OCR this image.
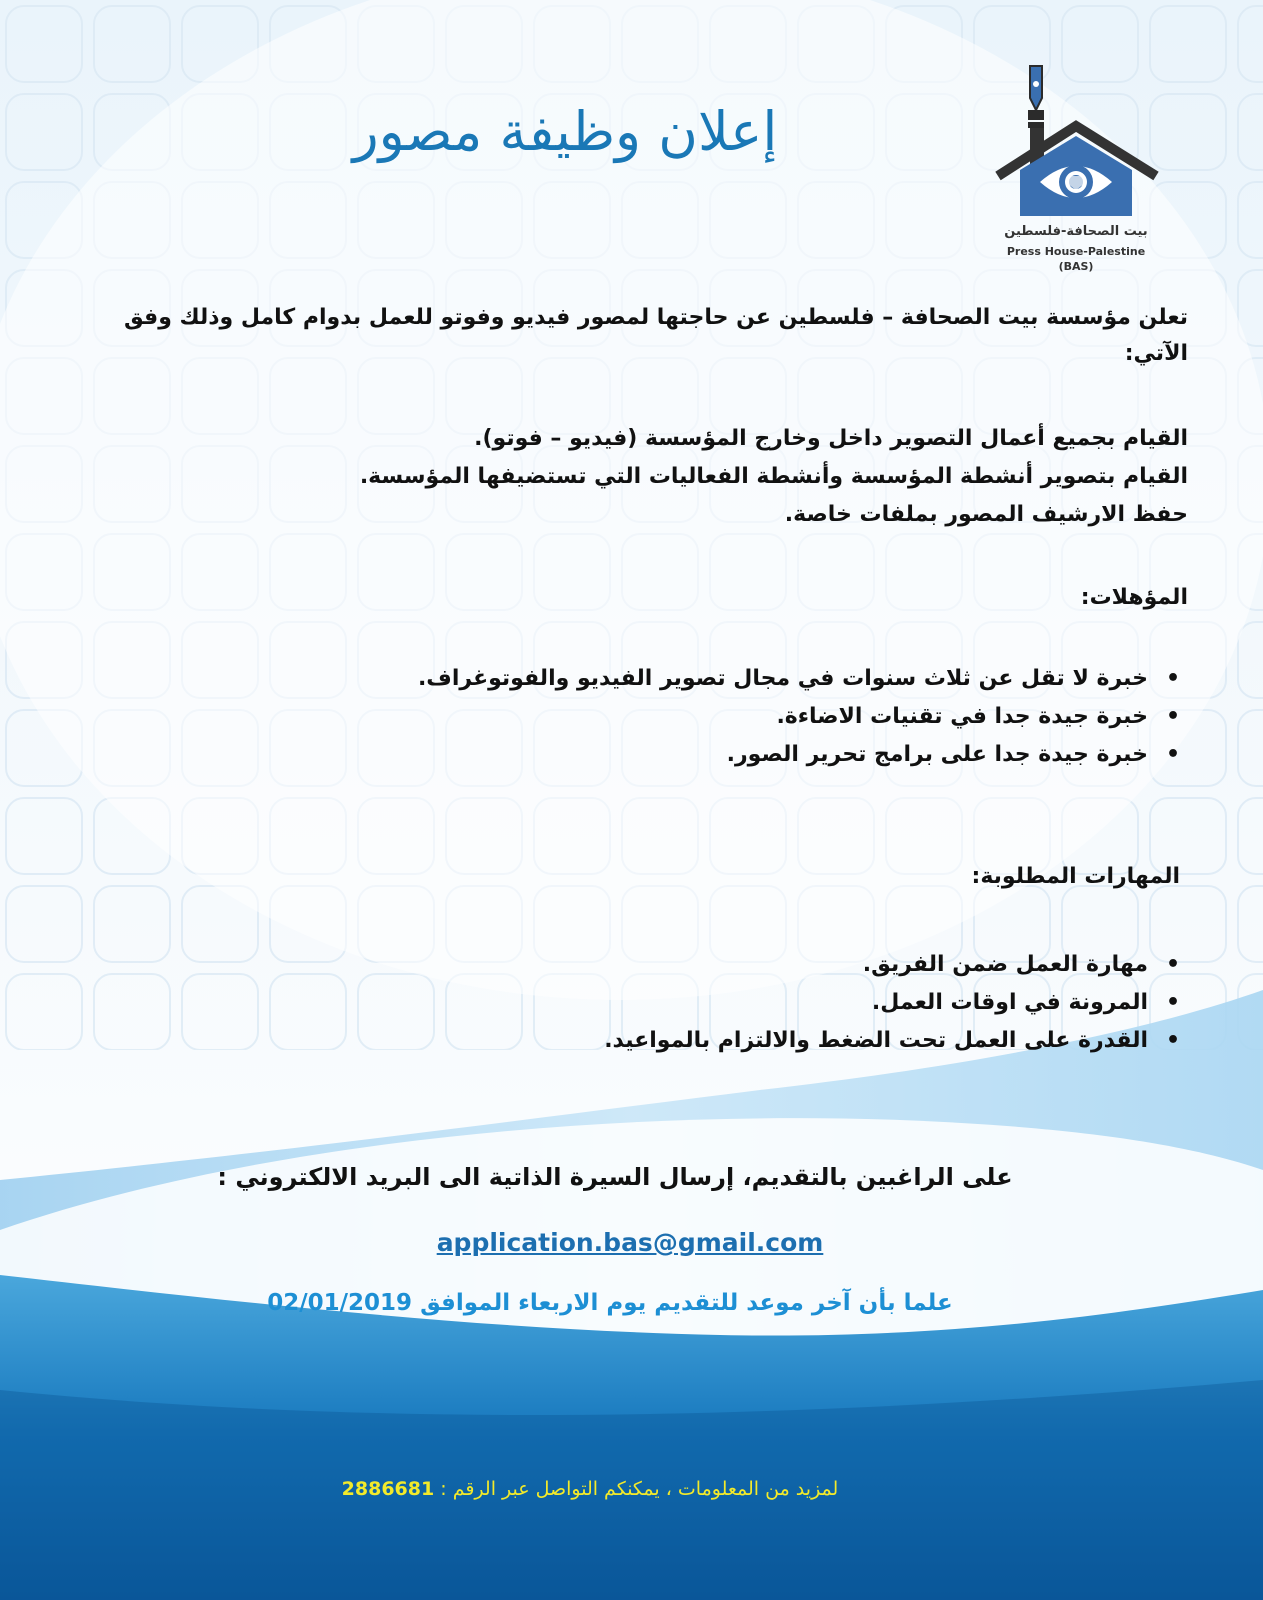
بيت الصحافة-فلسطين
Press House-Palestine
(BAS)
إعلان وظيفة مصور
تعلن مؤسسة بيت الصحافة – فلسطين عن حاجتها لمصور فيديو وفوتو للعمل بدوام كامل وذلك وفق الآتي:
القيام بجميع أعمال التصوير داخل وخارج المؤسسة (فيديو – فوتو).
القيام بتصوير أنشطة المؤسسة وأنشطة الفعاليات التي تستضيفها المؤسسة.
حفظ الارشيف المصور بملفات خاصة.
المؤهلات:
• خبرة لا تقل عن ثلاث سنوات في مجال تصوير الفيديو والفوتوغراف.
• خبرة جيدة جدا في تقنيات الاضاءة.
• خبرة جيدة جدا على برامج تحرير الصور.
المهارات المطلوبة:
• مهارة العمل ضمن الفريق.
• المرونة في اوقات العمل.
• القدرة على العمل تحت الضغط والالتزام بالمواعيد.
على الراغبين بالتقديم، إرسال السيرة الذاتية الى البريد الالكتروني :
application.bas@gmail.com
علما بأن آخر موعد للتقديم يوم الاربعاء الموافق 02/01/2019
لمزيد من المعلومات ، يمكنكم التواصل عبر الرقم : 2886681
